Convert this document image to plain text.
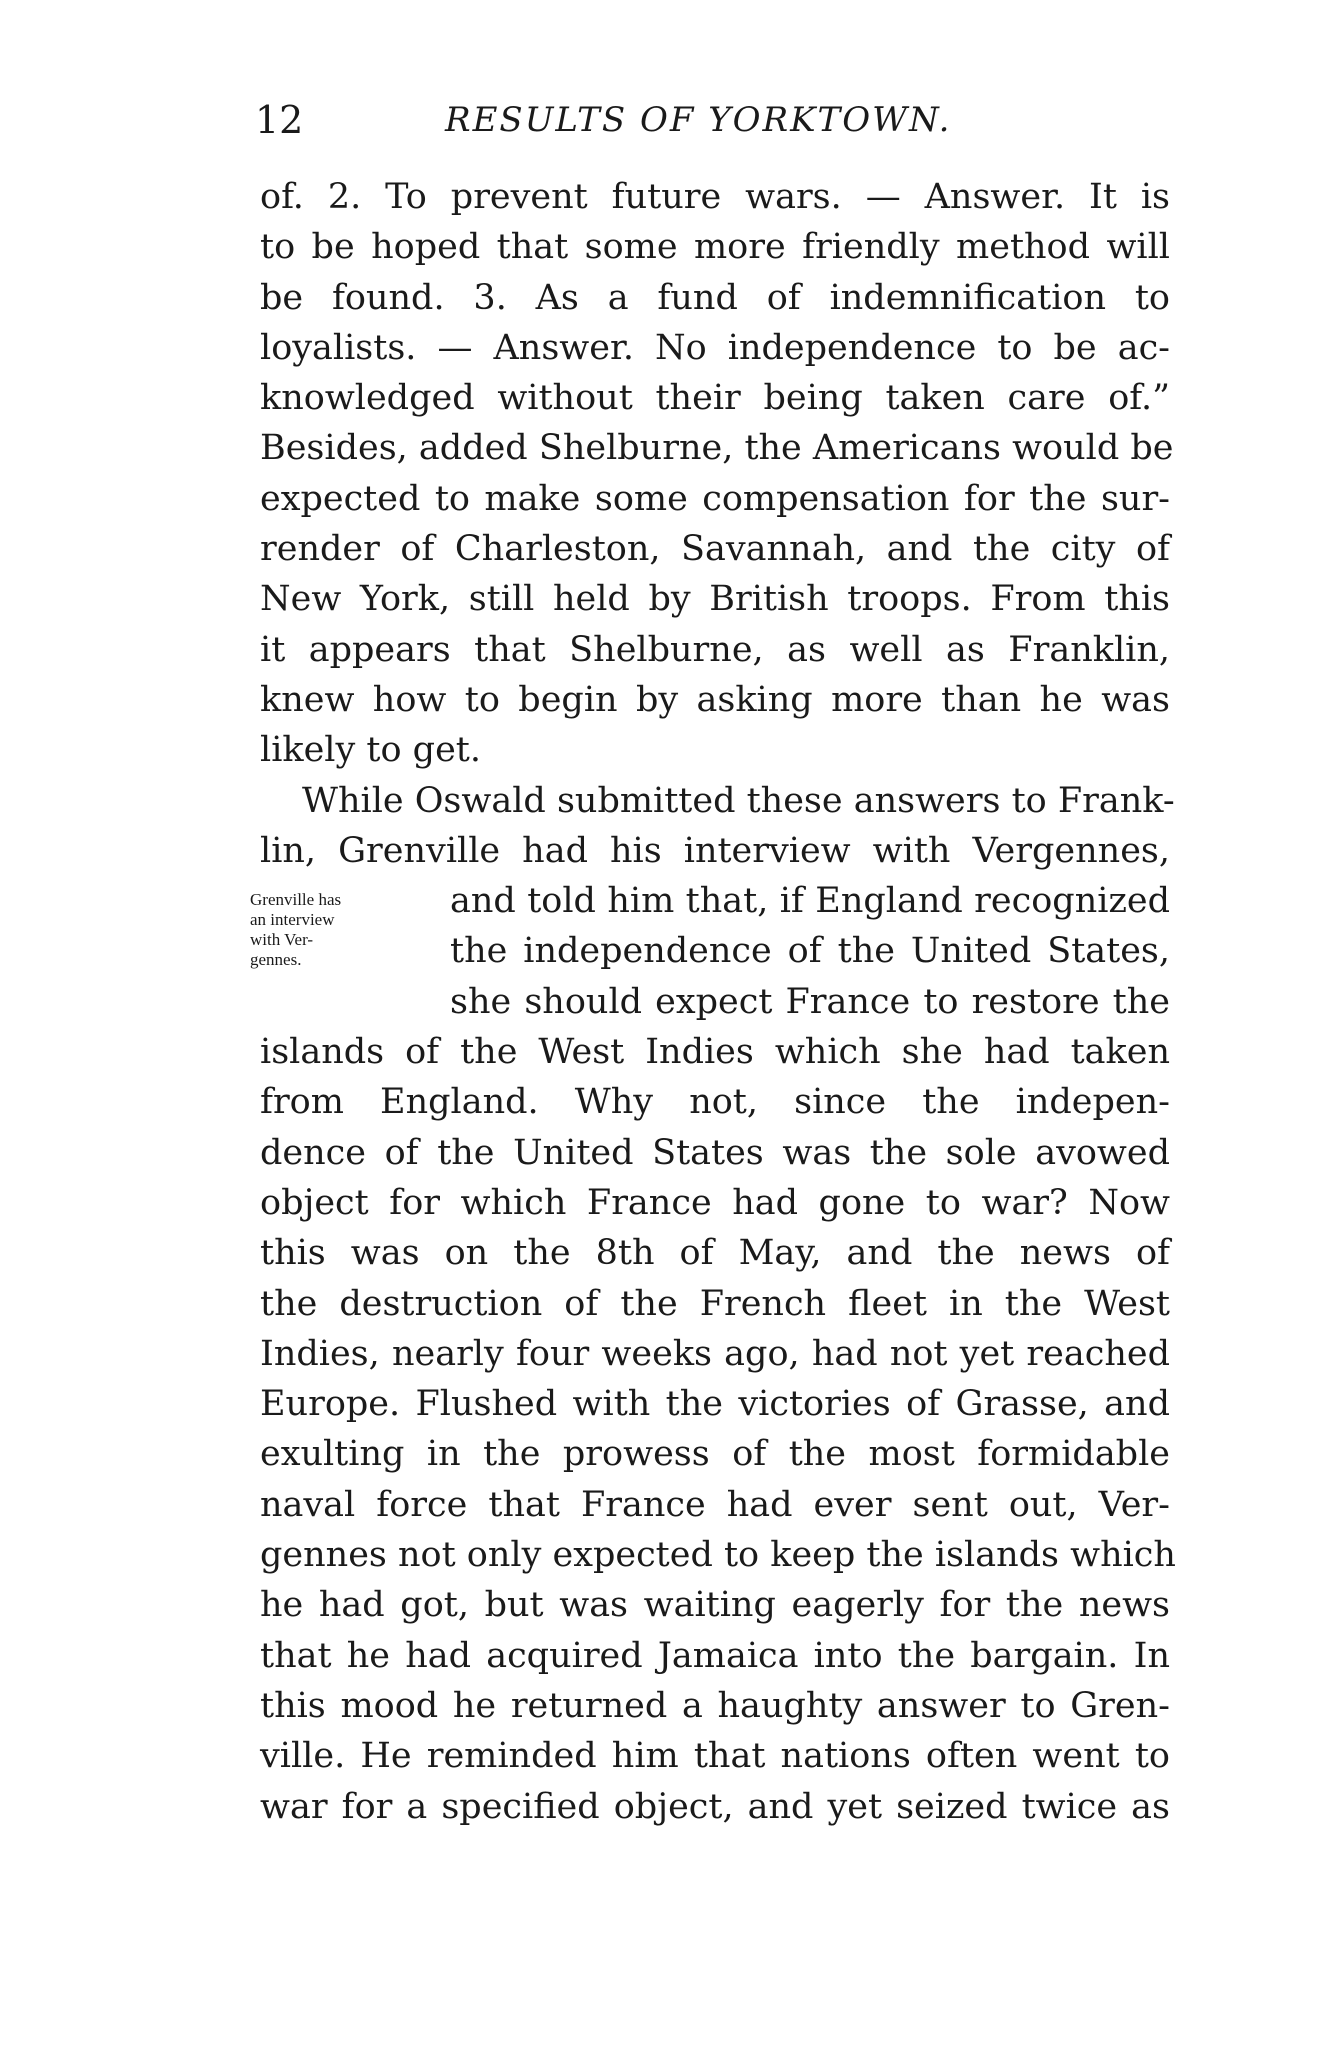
12	RESULTS OF YORKTOWN.
Grenville has
an interview
with Ver-
gennes.
of. 2. To prevent future wars. — Answer. It is
to be hoped that some more friendly method will
be found. 3. As a fund of indemnification to
loyalists. — Answer. No independence to be ac-
knowledged without their being taken care of.”
Besides, added Shelburne, the Americans would be
expected to make some compensation for the sur-
render of Charleston, Savannah, and the city of
New York, still held by British troops. From this
it appears that Shelburne, as well as Franklin,
knew how to begin by asking more than he was
likely to get.
While Oswald submitted these answers to Frank-
lin, Grenville had his interview with Vergennes,
and told him that, if England recognized
the independence of the United States,
she should expect France to restore the
islands of the West Indies which she had taken
from England. Why not, since the indepen-
dence of the United States was the sole avowed
object for which France had gone to war? Now
this was on the 8th of May, and the news of
the destruction of the French fleet in the West
Indies, nearly four weeks ago, had not yet reached
Europe. Flushed with the victories of Grasse, and
exulting in the prowess of the most formidable
naval force that France had ever sent out, Ver-
gennes not only expected to keep the islands which
he had got, but was waiting eagerly for the news
that he had acquired Jamaica into the bargain. In
this mood he returned a haughty answer to Gren-
ville. He reminded him that nations often went to
war for a specified object, and yet seized twice as
